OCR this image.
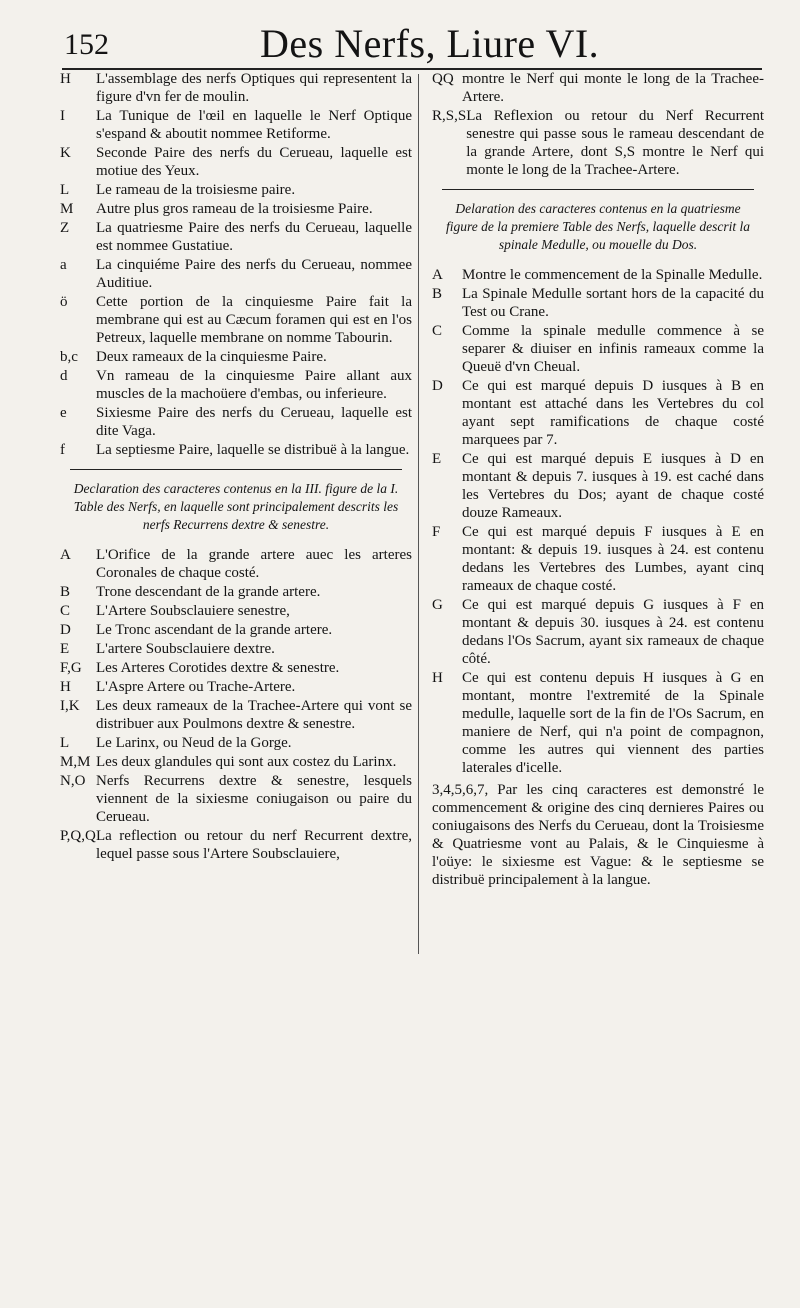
152	Des Nerfs, Liure VI.
H	L'assemblage des nerfs Optiques qui representent la figure d'vn fer de moulin.
I	La Tunique de l'œil en laquelle le Nerf Optique s'espand & aboutit nommee Retiforme.
K	Seconde Paire des nerfs du Cerueau, laquelle est motiue des Yeux.
L	Le rameau de la troisiesme paire.
M	Autre plus gros rameau de la troisiesme Paire.
Z	La quatriesme Paire des nerfs du Cerueau, laquelle est nommee Gustatiue.
a	La cinquiéme Paire des nerfs du Cerueau, nommee Auditiue.
ö	Cette portion de la cinquiesme Paire fait la membrane qui est au Cæcum foramen qui est en l'os Petreux, laquelle membrane on nomme Tabourin.
b,c	Deux rameaux de la cinquiesme Paire.
d	Vn rameau de la cinquiesme Paire allant aux muscles de la machoüere d'embas, ou inferieure.
e	Sixiesme Paire des nerfs du Cerueau, laquelle est dite Vaga.
f	La septiesme Paire, laquelle se distribuë à la langue.
Declaration des caracteres contenus en la III. figure de la I. Table des Nerfs, en laquelle sont principalement descrits les nerfs Recurrens dextre & senestre.
A	L'Orifice de la grande artere auec les arteres Coronales de chaque costé.
B	Trone descendant de la grande artere.
C	L'Artere Soubsclauiere senestre,
D	Le Tronc ascendant de la grande artere.
E	L'artere Soubsclauiere dextre.
F,G Les Arteres Corotides dextre & senestre.
H	L'Aspre Artere ou Trache-Artere.
I,K	Les deux rameaux de la Trachee-Artere qui vont se distribuer aux Poulmons dextre & senestre.
L	Le Larinx, ou Neud de la Gorge.
M,M Les deux glandules qui sont aux costez du Larinx.
N,O Nerfs Recurrens dextre & senestre, lesquels viennent de la sixiesme coniugaison ou paire du Cerueau.
P,Q,Q La reflection ou retour du nerf Recurrent dextre, lequel passe sous l'Artere Soubsclauiere,
QQ montre le Nerf qui monte le long de la Trachee-Artere.
R,S,S La Reflexion ou retour du Nerf Recurrent senestre qui passe sous le rameau descendant de la grande Artere, dont S,S montre le Nerf qui monte le long de la Trachee-Artere.
Delaration des caracteres contenus en la quatriesme figure de la premiere Table des Nerfs, laquelle descrit la spinale Medulle, ou mouelle du Dos.
A	Montre le commencement de la Spinalle Medulle.
B	La Spinale Medulle sortant hors de la capacité du Test ou Crane.
C	Comme la spinale medulle commence à se separer & diuiser en infinis rameaux comme la Queuë d'vn Cheual.
D	Ce qui est marqué depuis D iusques à B en montant est attaché dans les Vertebres du col ayant sept ramifications de chaque costé marquees par 7.
E	Ce qui est marqué depuis E iusques à D en montant & depuis 7. iusques à 19. est caché dans les Vertebres du Dos; ayant de chaque costé douze Rameaux.
F	Ce qui est marqué depuis F iusques à E en montant: & depuis 19. iusques à 24. est contenu dedans les Vertebres des Lumbes, ayant cinq rameaux de chaque costé.
G	Ce qui est marqué depuis G iusques à F en montant & depuis 30. iusques à 24. est contenu dedans l'Os Sacrum, ayant six rameaux de chaque côté.
H	Ce qui est contenu depuis H iusques à G en montant, montre l'extremité de la Spinale medulle, laquelle sort de la fin de l'Os Sacrum, en maniere de Nerf, qui n'a point de compagnon, comme les autres qui viennent des parties laterales d'icelle.
3,4,5,6,7, Par les cinq caracteres est demonstré le commencement & origine des cinq dernieres Paires ou coniugaisons des Nerfs du Cerueau, dont la Troisiesme & Quatriesme vont au Palais, & le Cinquiesme à l'oüye: le sixiesme est Vague: & le septiesme se distribuë principalement à la langue.
